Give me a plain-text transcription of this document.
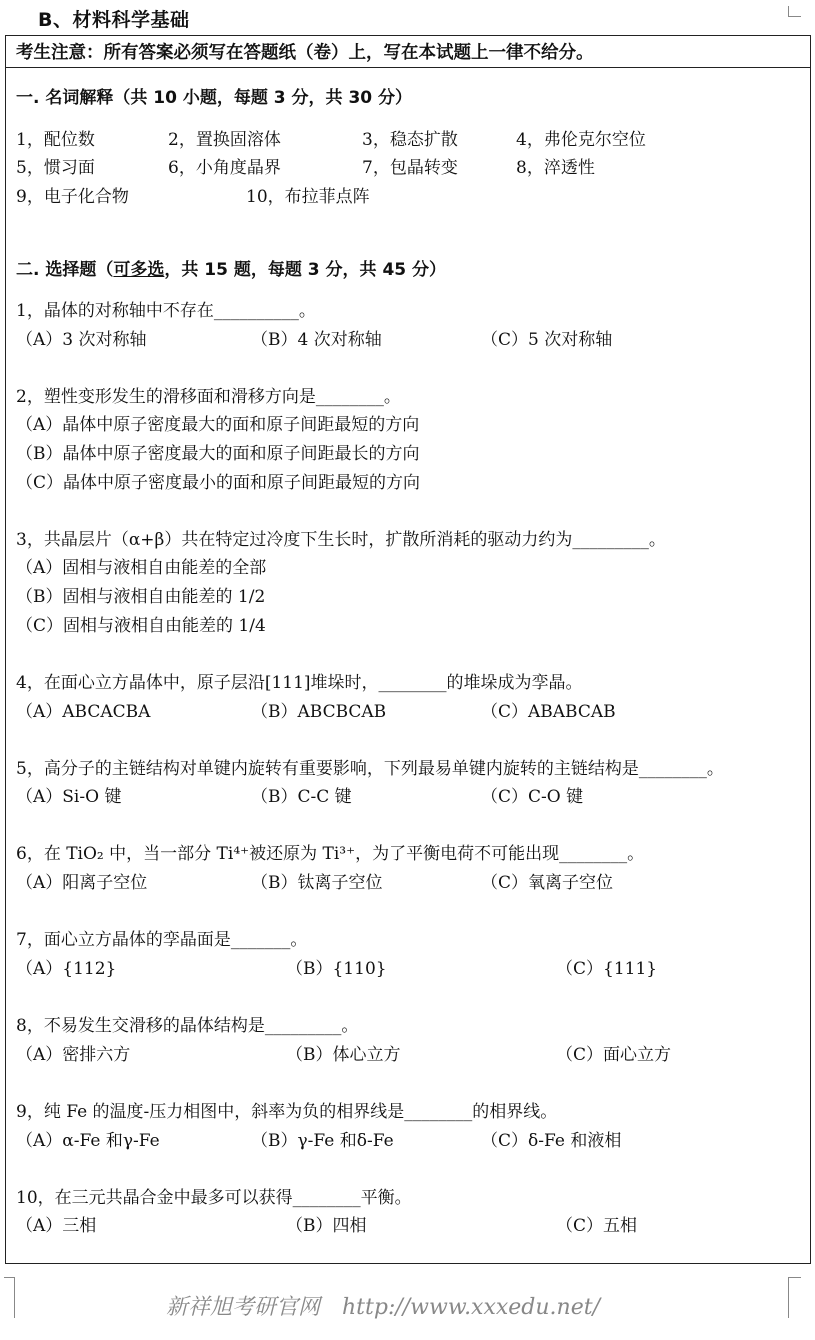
B、材料科学基础
考生注意：所有答案必须写在答题纸（卷）上，写在本试题上一律不给分。
一. 名词解释（共 10 小题，每题 3 分，共 30 分）
1，配位数	2，置换固溶体	3，稳态扩散	4，弗伦克尔空位
5，惯习面	6，小角度晶界	7，包晶转变	8，淬透性
9，电子化合物	10，布拉菲点阵
二. 选择题（可多选，共 15 题，每题 3 分，共 45 分）
1，晶体的对称轴中不存在__________。
（A）3 次对称轴	（B）4 次对称轴	（C）5 次对称轴
2，塑性变形发生的滑移面和滑移方向是________。
（A）晶体中原子密度最大的面和原子间距最短的方向
（B）晶体中原子密度最大的面和原子间距最长的方向
（C）晶体中原子密度最小的面和原子间距最短的方向
3，共晶层片（α+β）共在特定过冷度下生长时，扩散所消耗的驱动力约为_________。
（A）固相与液相自由能差的全部
（B）固相与液相自由能差的 1/2
（C）固相与液相自由能差的 1/4
4，在面心立方晶体中，原子层沿[111]堆垛时，________的堆垛成为孪晶。
（A）ABCACBA	（B）ABCBCAB	（C）ABABCAB
5，高分子的主链结构对单键内旋转有重要影响，下列最易单键内旋转的主链结构是________。
（A）Si-O 键	（B）C-C 键	（C）C-O 键
6，在 TiO₂ 中，当一部分 Ti⁴⁺被还原为 Ti³⁺，为了平衡电荷不可能出现________。
（A）阳离子空位	（B）钛离子空位	（C）氧离子空位
7，面心立方晶体的孪晶面是_______。
（A）{112}	（B）{110}	（C）{111}
8，不易发生交滑移的晶体结构是_________。
（A）密排六方	（B）体心立方	（C）面心立方
9，纯 Fe 的温度-压力相图中，斜率为负的相界线是________的相界线。
（A）α-Fe 和γ-Fe	（B）γ-Fe 和δ-Fe	（C）δ-Fe 和液相
10，在三元共晶合金中最多可以获得________平衡。
（A）三相	（B）四相	（C）五相
新祥旭考研官网 http://www.xxxedu.net/
